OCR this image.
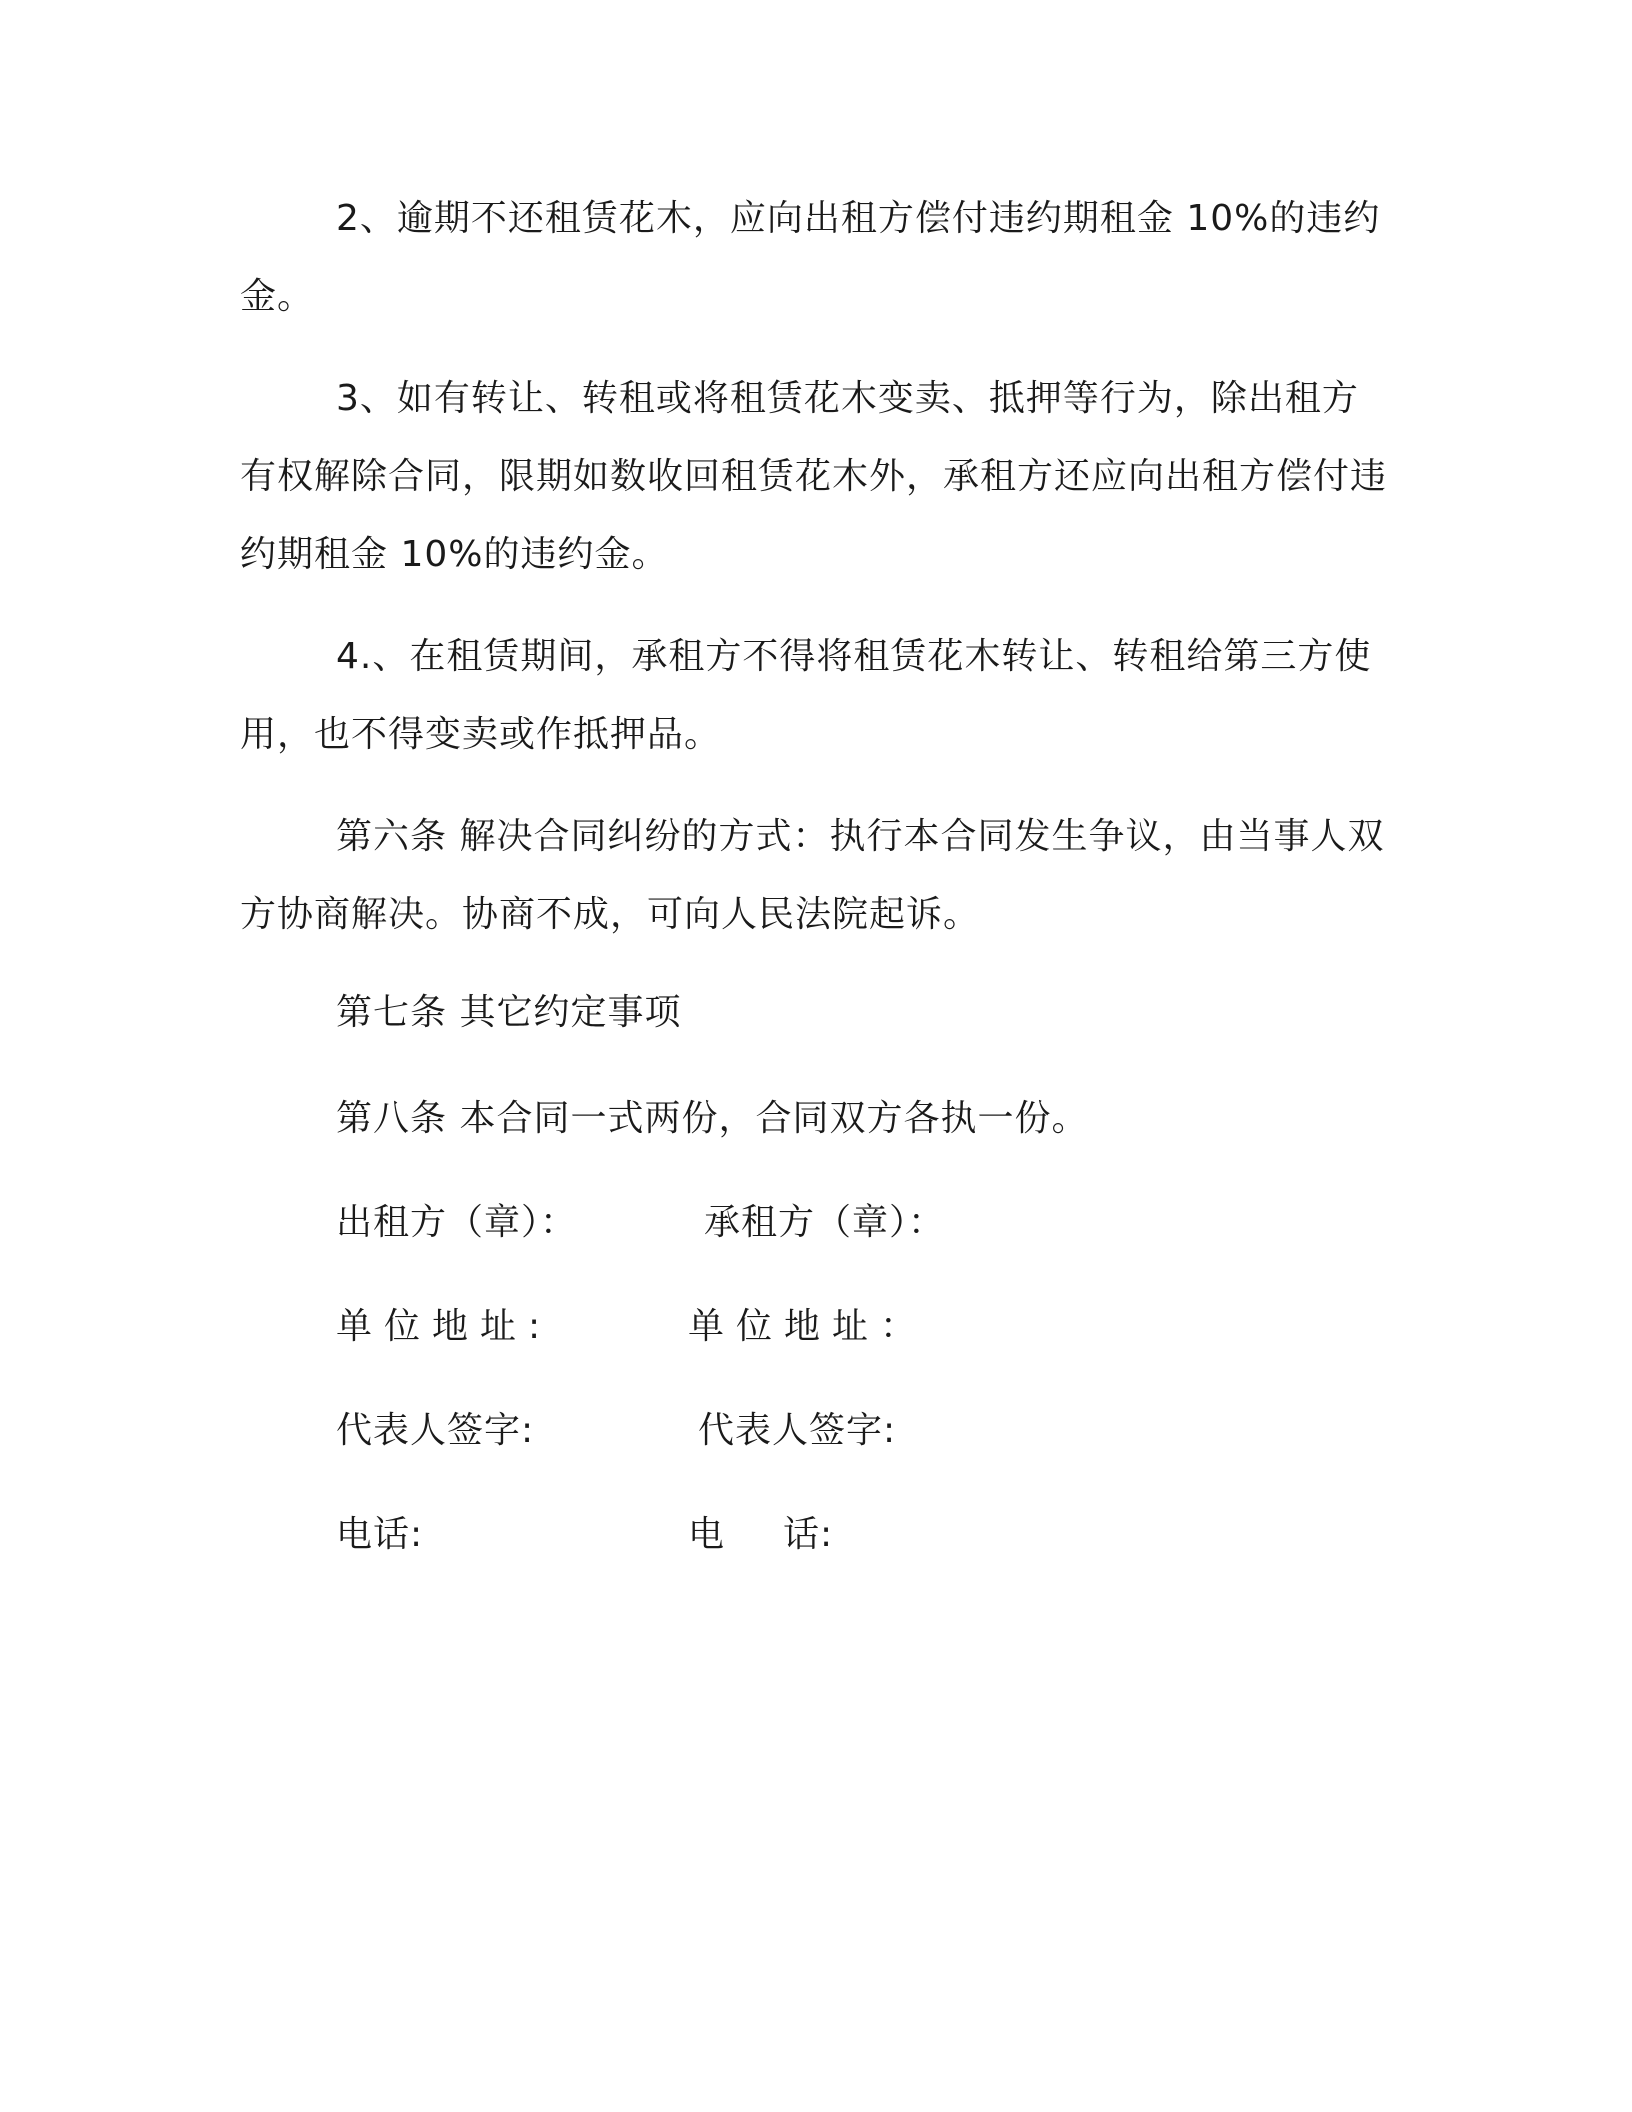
2、逾期不还租赁花木，应向出租方偿付违约期租金 10%的违约金。

3、如有转让、转租或将租赁花木变卖、抵押等行为，除出租方有权解除合同，限期如数收回租赁花木外，承租方还应向出租方偿付违约期租金 10%的违约金。

4.、在租赁期间，承租方不得将租赁花木转让、转租给第三方使用，也不得变卖或作抵押品。

第六条 解决合同纠纷的方式：执行本合同发生争议，由当事人双方协商解决。协商不成，可向人民法院起诉。

第七条 其它约定事项

第八条 本合同一式两份，合同双方各执一份。

出租方（章）：	承租方（章）：
单位地址:	单位地址：
代表人签字:	代表人签字:
电话:	电 话:
